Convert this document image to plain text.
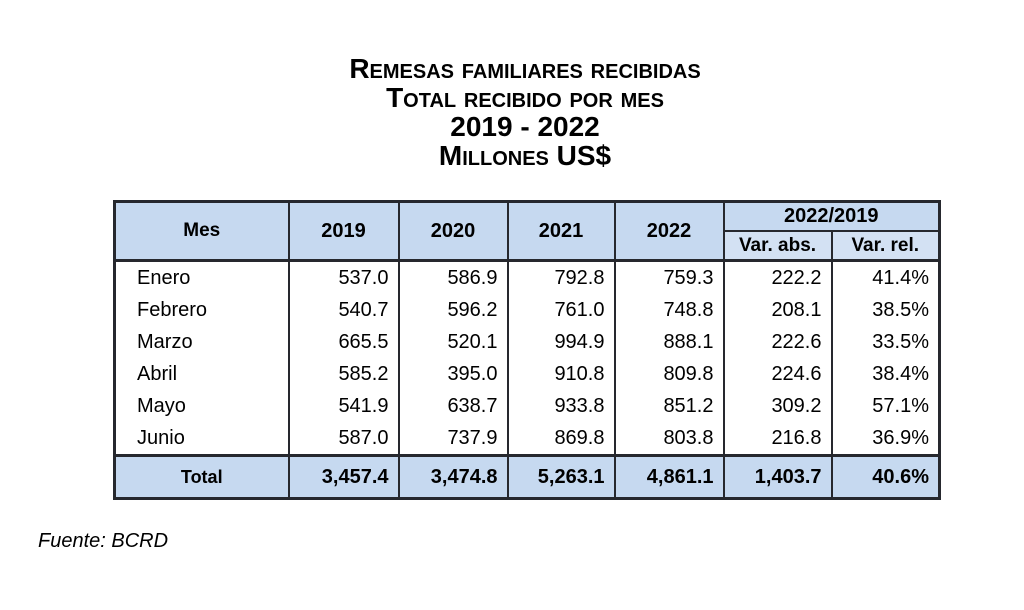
Remesas familiares recibidas
Total recibido por mes
2019 - 2022
Millones US$
Mes	2019	2020	2021	2022	2022/2019	
					Var. abs.	Var. rel.
Enero	537.0	586.9	792.8	759.3	222.2	41.4%
Febrero	540.7	596.2	761.0	748.8	208.1	38.5%
Marzo	665.5	520.1	994.9	888.1	222.6	33.5%
Abril	585.2	395.0	910.8	809.8	224.6	38.4%
Mayo	541.9	638.7	933.8	851.2	309.2	57.1%
Junio	587.0	737.9	869.8	803.8	216.8	36.9%
Total	3,457.4	3,474.8	5,263.1	4,861.1	1,403.7	40.6%
Fuente: BCRD
